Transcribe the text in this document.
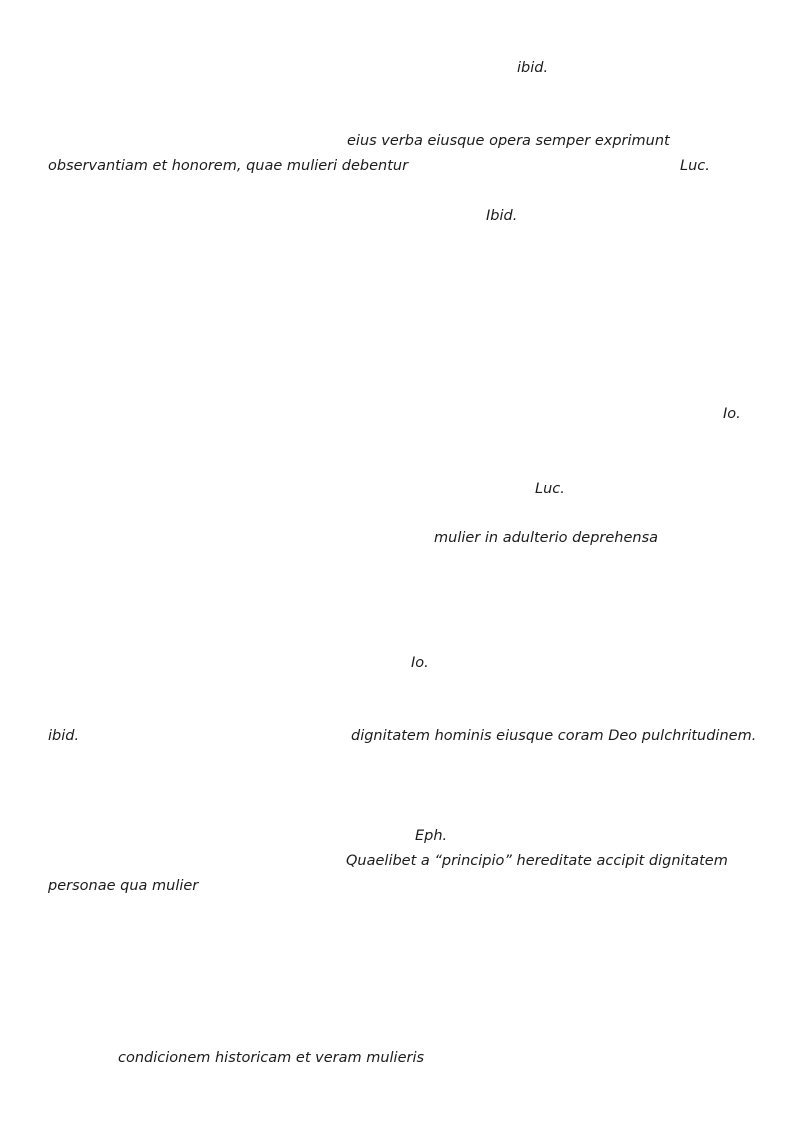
ibid.
eius verba eiusque opera semper exprimunt
observantiam et honorem, quae mulieri debentur	Luc.
Ibid.
Io.
Luc.
mulier in adulterio deprehensa
Io.
ibid.	dignitatem hominis eiusque coram Deo pulchritudinem.
Eph.
Quaelibet a “principio” hereditate accipit dignitatem
personae qua mulier
condicionem historicam et veram mulieris
